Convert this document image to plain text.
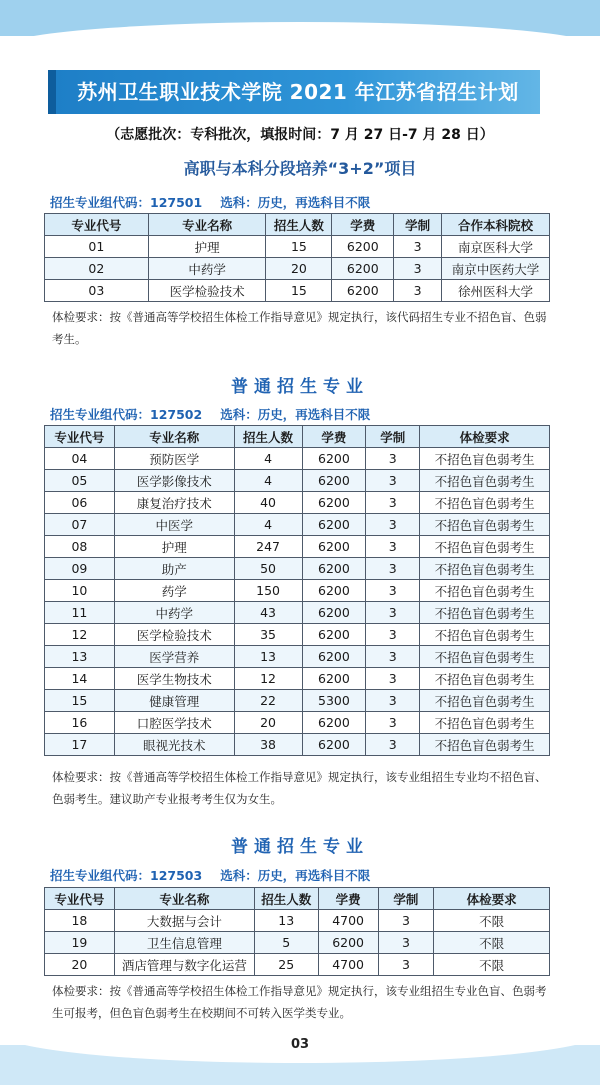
苏州卫生职业技术学院 2021 年江苏省招生计划
（志愿批次：专科批次，填报时间：7 月 27 日-7 月 28 日）
高职与本科分段培养“3+2”项目
招生专业组代码：127501 选科：历史，再选科目不限
专业代号	专业名称	招生人数	学费	学制	合作本科院校
01	护理	15	6200	3	南京医科大学
02	中药学	20	6200	3	南京中医药大学
03	医学检验技术	15	6200	3	徐州医科大学
体检要求：按《普通高等学校招生体检工作指导意见》规定执行，该代码招生专业不招色盲、色弱考生。
普通招生专业
招生专业组代码：127502 选科：历史，再选科目不限
专业代号	专业名称	招生人数	学费	学制	体检要求
04	预防医学	4	6200	3	不招色盲色弱考生
05	医学影像技术	4	6200	3	不招色盲色弱考生
06	康复治疗技术	40	6200	3	不招色盲色弱考生
07	中医学	4	6200	3	不招色盲色弱考生
08	护理	247	6200	3	不招色盲色弱考生
09	助产	50	6200	3	不招色盲色弱考生
10	药学	150	6200	3	不招色盲色弱考生
11	中药学	43	6200	3	不招色盲色弱考生
12	医学检验技术	35	6200	3	不招色盲色弱考生
13	医学营养	13	6200	3	不招色盲色弱考生
14	医学生物技术	12	6200	3	不招色盲色弱考生
15	健康管理	22	5300	3	不招色盲色弱考生
16	口腔医学技术	20	6200	3	不招色盲色弱考生
17	眼视光技术	38	6200	3	不招色盲色弱考生
体检要求：按《普通高等学校招生体检工作指导意见》规定执行，该专业组招生专业均不招色盲、色弱考生。建议助产专业报考考生仅为女生。
普通招生专业
招生专业组代码：127503 选科：历史，再选科目不限
专业代号	专业名称	招生人数	学费	学制	体检要求
18	大数据与会计	13	4700	3	不限
19	卫生信息管理	5	6200	3	不限
20	酒店管理与数字化运营	25	4700	3	不限
体检要求：按《普通高等学校招生体检工作指导意见》规定执行，该专业组招生专业色盲、色弱考生可报考，但色盲色弱考生在校期间不可转入医学类专业。
03
